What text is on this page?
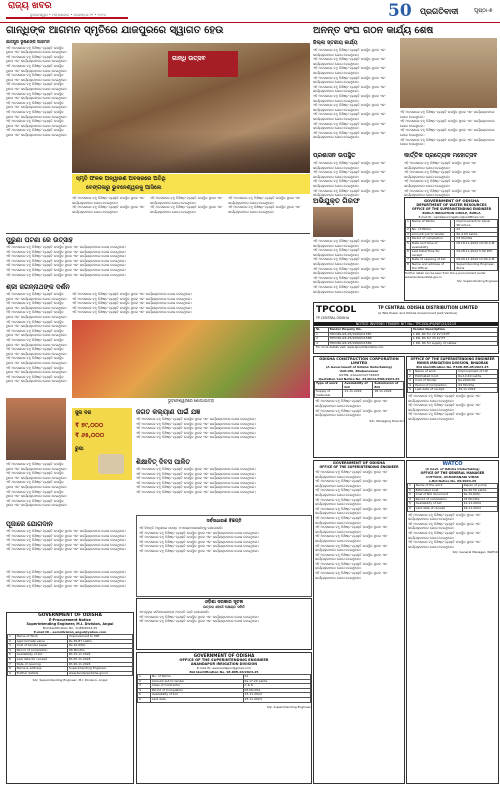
ରାଜ୍ୟ ଖବର
ଭୁବନେଶ୍ୱର • ମଙ୍ଗଳବାର • ନଭେମ୍ବର ୧୨ • ୨୦୨୪	50 ପ୍ରଗତିବାଦୀ	ପୃଷ୍ଠା-୭
ଗାନ୍ଧିଙ୍କ ଆଗମନ ସ୍ମୃତିରେ ଯାଜପୁରରେ ସ୍ୱାଗତ ହେଉ
ଯାଜପୁର ଭୂଷଣଙ୍କ ଆଗମନ
ଏହି ଅବସରରେ ବହୁ ବିଶିଷ୍ଟ ବ୍ୟକ୍ତି ଉପସ୍ଥିତ ଥିଲେ ଏବଂ କାର୍ଯ୍ୟକ୍ରମରେ ଯୋଗ ଦେଇଥିଲେ।
ଏହି ଅବସରରେ ବହୁ ବିଶିଷ୍ଟ ବ୍ୟକ୍ତି ଉପସ୍ଥିତ ଥିଲେ ଏବଂ କାର୍ଯ୍ୟକ୍ରମରେ ଯୋଗ ଦେଇଥିଲେ।
ଏହି ଅବସରରେ ବହୁ ବିଶିଷ୍ଟ ବ୍ୟକ୍ତି ଉପସ୍ଥିତ ଥିଲେ ଏବଂ କାର୍ଯ୍ୟକ୍ରମରେ ଯୋଗ ଦେଇଥିଲେ।
ଏହି ଅବସରରେ ବହୁ ବିଶିଷ୍ଟ ବ୍ୟକ୍ତି ଉପସ୍ଥିତ ଥିଲେ ଏବଂ କାର୍ଯ୍ୟକ୍ରମରେ ଯୋଗ ଦେଇଥିଲେ।
ଏହି ଅବସରରେ ବହୁ ବିଶିଷ୍ଟ ବ୍ୟକ୍ତି ଉପସ୍ଥିତ ଥିଲେ ଏବଂ କାର୍ଯ୍ୟକ୍ରମରେ ଯୋଗ ଦେଇଥିଲେ।
ଏହି ଅବସରରେ ବହୁ ବିଶିଷ୍ଟ ବ୍ୟକ୍ତି ଉପସ୍ଥିତ ଥିଲେ ଏବଂ କାର୍ଯ୍ୟକ୍ରମରେ ଯୋଗ ଦେଇଥିଲେ।
ଏହି ଅବସରରେ ବହୁ ବିଶିଷ୍ଟ ବ୍ୟକ୍ତି ଉପସ୍ଥିତ ଥିଲେ ଏବଂ କାର୍ଯ୍ୟକ୍ରମରେ ଯୋଗ ଦେଇଥିଲେ।
ଏହି ଅବସରରେ ବହୁ ବିଶିଷ୍ଟ ବ୍ୟକ୍ତି ଉପସ୍ଥିତ ଥିଲେ ଏବଂ କାର୍ଯ୍ୟକ୍ରମରେ ଯୋଗ ଦେଇଥିଲେ।
ଏହି ଅବସରରେ ବହୁ ବିଶିଷ୍ଟ ବ୍ୟକ୍ତି ଉପସ୍ଥିତ ଥିଲେ ଏବଂ କାର୍ଯ୍ୟକ୍ରମରେ ଯୋଗ ଦେଇଥିଲେ।
ଏହି ଅବସରରେ ବହୁ ବିଶିଷ୍ଟ ବ୍ୟକ୍ତି ଉପସ୍ଥିତ ଥିଲେ ଏବଂ କାର୍ଯ୍ୟକ୍ରମରେ ଯୋଗ ଦେଇଥିଲେ।
ଗାନ୍ଧି ଉତ୍ସବ
ସ୍ମୃତି ଫଳକ ଅନ୍ୱାରଣ ଅବସରରେ ଅତିଥି
ବେଙ୍ଗଳାରୁ ଭୁବନେଶ୍ୱରକୁ ଆସିଲେ
ଏହି ଅବସରରେ ବହୁ ବିଶିଷ୍ଟ ବ୍ୟକ୍ତି ଉପସ୍ଥିତ ଥିଲେ ଏବଂ କାର୍ଯ୍ୟକ୍ରମରେ ଯୋଗ ଦେଇଥିଲେ।
ଏହି ଅବସରରେ ବହୁ ବିଶିଷ୍ଟ ବ୍ୟକ୍ତି ଉପସ୍ଥିତ ଥିଲେ ଏବଂ କାର୍ଯ୍ୟକ୍ରମରେ ଯୋଗ ଦେଇଥିଲେ।
ଏହି ଅବସରରେ ବହୁ ବିଶିଷ୍ଟ ବ୍ୟକ୍ତି ଉପସ୍ଥିତ ଥିଲେ ଏବଂ କାର୍ଯ୍ୟକ୍ରମରେ ଯୋଗ ଦେଇଥିଲେ।
ଏହି ଅବସରରେ ବହୁ ବିଶିଷ୍ଟ ବ୍ୟକ୍ତି ଉପସ୍ଥିତ ଥିଲେ ଏବଂ କାର୍ଯ୍ୟକ୍ରମରେ ଯୋଗ ଦେଇଥିଲେ।
ଏହି ଅବସରରେ ବହୁ ବିଶିଷ୍ଟ ବ୍ୟକ୍ତି ଉପସ୍ଥିତ ଥିଲେ ଏବଂ କାର୍ଯ୍ୟକ୍ରମରେ ଯୋଗ ଦେଇଥିଲେ।
ଏହି ଅବସରରେ ବହୁ ବିଶିଷ୍ଟ ବ୍ୟକ୍ତି ଉପସ୍ଥିତ ଥିଲେ ଏବଂ କାର୍ଯ୍ୟକ୍ରମରେ ଯୋଗ ଦେଇଥିଲେ।
ପୁରୁଣା ଘଟଣା ରେ ଉତ୍ସାହ
ଏହି ଅବସରରେ ବହୁ ବିଶିଷ୍ଟ ବ୍ୟକ୍ତି ଉପସ୍ଥିତ ଥିଲେ ଏବଂ କାର୍ଯ୍ୟକ୍ରମରେ ଯୋଗ ଦେଇଥିଲେ।
ଏହି ଅବସରରେ ବହୁ ବିଶିଷ୍ଟ ବ୍ୟକ୍ତି ଉପସ୍ଥିତ ଥିଲେ ଏବଂ କାର୍ଯ୍ୟକ୍ରମରେ ଯୋଗ ଦେଇଥିଲେ।
ଏହି ଅବସରରେ ବହୁ ବିଶିଷ୍ଟ ବ୍ୟକ୍ତି ଉପସ୍ଥିତ ଥିଲେ ଏବଂ କାର୍ଯ୍ୟକ୍ରମରେ ଯୋଗ ଦେଇଥିଲେ।
ଏହି ଅବସରରେ ବହୁ ବିଶିଷ୍ଟ ବ୍ୟକ୍ତି ଉପସ୍ଥିତ ଥିଲେ ଏବଂ କାର୍ଯ୍ୟକ୍ରମରେ ଯୋଗ ଦେଇଥିଲେ।
ଏହି ଅବସରରେ ବହୁ ବିଶିଷ୍ଟ ବ୍ୟକ୍ତି ଉପସ୍ଥିତ ଥିଲେ ଏବଂ କାର୍ଯ୍ୟକ୍ରମରେ ଯୋଗ ଦେଇଥିଲେ।
ଏହି ଅବସରରେ ବହୁ ବିଶିଷ୍ଟ ବ୍ୟକ୍ତି ଉପସ୍ଥିତ ଥିଲେ ଏବଂ କାର୍ଯ୍ୟକ୍ରମରେ ଯୋଗ ଦେଇଥିଲେ।
ଏହି ଅବସରରେ ବହୁ ବିଶିଷ୍ଟ ବ୍ୟକ୍ତି ଉପସ୍ଥିତ ଥିଲେ ଏବଂ କାର୍ଯ୍ୟକ୍ରମରେ ଯୋଗ ଦେଇଥିଲେ।
ଶ୍ରୀ ଜଗନ୍ନାଥଙ୍କ ଦର୍ଶନ
ଏହି ଅବସରରେ ବହୁ ବିଶିଷ୍ଟ ବ୍ୟକ୍ତି ଉପସ୍ଥିତ ଥିଲେ ଏବଂ କାର୍ଯ୍ୟକ୍ରମରେ ଯୋଗ ଦେଇଥିଲେ।
ଏହି ଅବସରରେ ବହୁ ବିଶିଷ୍ଟ ବ୍ୟକ୍ତି ଉପସ୍ଥିତ ଥିଲେ ଏବଂ କାର୍ଯ୍ୟକ୍ରମରେ ଯୋଗ ଦେଇଥିଲେ।
ଏହି ଅବସରରେ ବହୁ ବିଶିଷ୍ଟ ବ୍ୟକ୍ତି ଉପସ୍ଥିତ ଥିଲେ ଏବଂ କାର୍ଯ୍ୟକ୍ରମରେ ଯୋଗ ଦେଇଥିଲେ।
ଏହି ଅବସରରେ ବହୁ ବିଶିଷ୍ଟ ବ୍ୟକ୍ତି ଉପସ୍ଥିତ ଥିଲେ ଏବଂ କାର୍ଯ୍ୟକ୍ରମରେ ଯୋଗ ଦେଇଥିଲେ।
ଏହି ଅବସରରେ ବହୁ ବିଶିଷ୍ଟ ବ୍ୟକ୍ତି ଉପସ୍ଥିତ ଥିଲେ ଏବଂ କାର୍ଯ୍ୟକ୍ରମରେ ଯୋଗ ଦେଇଥିଲେ।
ଏହି ଅବସରରେ ବହୁ ବିଶିଷ୍ଟ ବ୍ୟକ୍ତି ଉପସ୍ଥିତ ଥିଲେ ଏବଂ କାର୍ଯ୍ୟକ୍ରମରେ ଯୋଗ ଦେଇଥିଲେ।
ଏହି ଅବସରରେ ବହୁ ବିଶିଷ୍ଟ ବ୍ୟକ୍ତି ଉପସ୍ଥିତ ଥିଲେ ଏବଂ କାର୍ଯ୍ୟକ୍ରମରେ ଯୋଗ ଦେଇଥିଲେ।
ଏହି ଅବସରରେ ବହୁ ବିଶିଷ୍ଟ ବ୍ୟକ୍ତି ଉପସ୍ଥିତ ଥିଲେ ଏବଂ କାର୍ଯ୍ୟକ୍ରମରେ ଯୋଗ ଦେଇଥିଲେ।
ଏହି ଅବସରରେ ବହୁ ବିଶିଷ୍ଟ ବ୍ୟକ୍ତି ଉପସ୍ଥିତ ଥିଲେ ଏବଂ କାର୍ଯ୍ୟକ୍ରମରେ ଯୋଗ ଦେଇଥିଲେ।
ଏହି ଅବସରରେ ବହୁ ବିଶିଷ୍ଟ ବ୍ୟକ୍ତି ଉପସ୍ଥିତ ଥିଲେ ଏବଂ କାର୍ଯ୍ୟକ୍ରମରେ ଯୋଗ ଦେଇଥିଲେ।
ଏହି ଅବସରରେ ବହୁ ବିଶିଷ୍ଟ ବ୍ୟକ୍ତି ଉପସ୍ଥିତ ଥିଲେ ଏବଂ କାର୍ଯ୍ୟକ୍ରମରେ ଯୋଗ ଦେଇଥିଲେ।
ଏହି ଅବସରରେ ବହୁ ବିଶିଷ୍ଟ ବ୍ୟକ୍ତି ଉପସ୍ଥିତ ଥିଲେ ଏବଂ କାର୍ଯ୍ୟକ୍ରମରେ ଯୋଗ ଦେଇଥିଲେ।
ଏହି ଅବସରରେ ବହୁ ବିଶିଷ୍ଟ ବ୍ୟକ୍ତି ଉପସ୍ଥିତ ଥିଲେ ଏବଂ କାର୍ଯ୍ୟକ୍ରମରେ ଯୋଗ ଦେଇଥିଲେ।
ଏହି ଅବସରରେ ବହୁ ବିଶିଷ୍ଟ ବ୍ୟକ୍ତି ଉପସ୍ଥିତ ଥିଲେ ଏବଂ କାର୍ଯ୍ୟକ୍ରମରେ ଯୋଗ ଦେଇଥିଲେ।
ଏହି ଅବସରରେ ବହୁ ବିଶିଷ୍ଟ ବ୍ୟକ୍ତି ଉପସ୍ଥିତ ଥିଲେ ଏବଂ କାର୍ଯ୍ୟକ୍ରମରେ ଯୋଗ ଦେଇଥିଲେ।
ଭୁବନେଶ୍ୱରରେ ଶୋଭାଯାତ୍ରା
ସୁନା ଦର
₹ ୭୯,୦୦୦
₹ ୬୫,୦୦୦
ରୁପା
ଏହି ଅବସରରେ ବହୁ ବିଶିଷ୍ଟ ବ୍ୟକ୍ତି ଉପସ୍ଥିତ ଥିଲେ ଏବଂ କାର୍ଯ୍ୟକ୍ରମରେ ଯୋଗ ଦେଇଥିଲେ।
ଏହି ଅବସରରେ ବହୁ ବିଶିଷ୍ଟ ବ୍ୟକ୍ତି ଉପସ୍ଥିତ ଥିଲେ ଏବଂ କାର୍ଯ୍ୟକ୍ରମରେ ଯୋଗ ଦେଇଥିଲେ।
ଏହି ଅବସରରେ ବହୁ ବିଶିଷ୍ଟ ବ୍ୟକ୍ତି ଉପସ୍ଥିତ ଥିଲେ ଏବଂ କାର୍ଯ୍ୟକ୍ରମରେ ଯୋଗ ଦେଇଥିଲେ।
ଏହି ଅବସରରେ ବହୁ ବିଶିଷ୍ଟ ବ୍ୟକ୍ତି ଉପସ୍ଥିତ ଥିଲେ ଏବଂ କାର୍ଯ୍ୟକ୍ରମରେ ଯୋଗ ଦେଇଥିଲେ।
ଏହି ଅବସରରେ ବହୁ ବିଶିଷ୍ଟ ବ୍ୟକ୍ତି ଉପସ୍ଥିତ ଥିଲେ ଏବଂ କାର୍ଯ୍ୟକ୍ରମରେ ଯୋଗ ଦେଇଥିଲେ।
ଜଗତ କଲ୍ୟାଣ ପାଇଁ ଯଜ୍ଞ
ଏହି ଅବସରରେ ବହୁ ବିଶିଷ୍ଟ ବ୍ୟକ୍ତି ଉପସ୍ଥିତ ଥିଲେ ଏବଂ କାର୍ଯ୍ୟକ୍ରମରେ ଯୋଗ ଦେଇଥିଲେ।
ଏହି ଅବସରରେ ବହୁ ବିଶିଷ୍ଟ ବ୍ୟକ୍ତି ଉପସ୍ଥିତ ଥିଲେ ଏବଂ କାର୍ଯ୍ୟକ୍ରମରେ ଯୋଗ ଦେଇଥିଲେ।
ଏହି ଅବସରରେ ବହୁ ବିଶିଷ୍ଟ ବ୍ୟକ୍ତି ଉପସ୍ଥିତ ଥିଲେ ଏବଂ କାର୍ଯ୍ୟକ୍ରମରେ ଯୋଗ ଦେଇଥିଲେ।
ଏହି ଅବସରରେ ବହୁ ବିଶିଷ୍ଟ ବ୍ୟକ୍ତି ଉପସ୍ଥିତ ଥିଲେ ଏବଂ କାର୍ଯ୍ୟକ୍ରମରେ ଯୋଗ ଦେଇଥିଲେ।
ଏହି ଅବସରରେ ବହୁ ବିଶିଷ୍ଟ ବ୍ୟକ୍ତି ଉପସ୍ଥିତ ଥିଲେ ଏବଂ କାର୍ଯ୍ୟକ୍ରମରେ ଯୋଗ ଦେଇଥିଲେ।
ଶିକ୍ଷାବିତ୍ ଦିବସ ପାଳିତ
ଏହି ଅବସରରେ ବହୁ ବିଶିଷ୍ଟ ବ୍ୟକ୍ତି ଉପସ୍ଥିତ ଥିଲେ ଏବଂ କାର୍ଯ୍ୟକ୍ରମରେ ଯୋଗ ଦେଇଥିଲେ।
ଏହି ଅବସରରେ ବହୁ ବିଶିଷ୍ଟ ବ୍ୟକ୍ତି ଉପସ୍ଥିତ ଥିଲେ ଏବଂ କାର୍ଯ୍ୟକ୍ରମରେ ଯୋଗ ଦେଇଥିଲେ।
ଏହି ଅବସରରେ ବହୁ ବିଶିଷ୍ଟ ବ୍ୟକ୍ତି ଉପସ୍ଥିତ ଥିଲେ ଏବଂ କାର୍ଯ୍ୟକ୍ରମରେ ଯୋଗ ଦେଇଥିଲେ।
ଏହି ଅବସରରେ ବହୁ ବିଶିଷ୍ଟ ବ୍ୟକ୍ତି ଉପସ୍ଥିତ ଥିଲେ ଏବଂ କାର୍ଯ୍ୟକ୍ରମରେ ଯୋଗ ଦେଇଥିଲେ।
ଏହି ଅବସରରେ ବହୁ ବିଶିଷ୍ଟ ବ୍ୟକ୍ତି ଉପସ୍ଥିତ ଥିଲେ ଏବଂ କାର୍ଯ୍ୟକ୍ରମରେ ଯୋଗ ଦେଇଥିଲେ।
ଏହି ଅବସରରେ ବହୁ ବିଶିଷ୍ଟ ବ୍ୟକ୍ତି ଉପସ୍ଥିତ ଥିଲେ ଏବଂ କାର୍ଯ୍ୟକ୍ରମରେ ଯୋଗ ଦେଇଥିଲେ।
ପୂଜାରେ ଯୋଗଦାନ
ଏହି ଅବସରରେ ବହୁ ବିଶିଷ୍ଟ ବ୍ୟକ୍ତି ଉପସ୍ଥିତ ଥିଲେ ଏବଂ କାର୍ଯ୍ୟକ୍ରମରେ ଯୋଗ ଦେଇଥିଲେ।
ଏହି ଅବସରରେ ବହୁ ବିଶିଷ୍ଟ ବ୍ୟକ୍ତି ଉପସ୍ଥିତ ଥିଲେ ଏବଂ କାର୍ଯ୍ୟକ୍ରମରେ ଯୋଗ ଦେଇଥିଲେ।
ଏହି ଅବସରରେ ବହୁ ବିଶିଷ୍ଟ ବ୍ୟକ୍ତି ଉପସ୍ଥିତ ଥିଲେ ଏବଂ କାର୍ଯ୍ୟକ୍ରମରେ ଯୋଗ ଦେଇଥିଲେ।
ଏହି ଅବସରରେ ବହୁ ବିଶିଷ୍ଟ ବ୍ୟକ୍ତି ଉପସ୍ଥିତ ଥିଲେ ଏବଂ କାର୍ଯ୍ୟକ୍ରମରେ ଯୋଗ ଦେଇଥିଲେ।
ଏହି ଅବସରରେ ବହୁ ବିଶିଷ୍ଟ ବ୍ୟକ୍ତି ଉପସ୍ଥିତ ଥିଲେ ଏବଂ କାର୍ଯ୍ୟକ୍ରମରେ ଯୋଗ ଦେଇଥିଲେ।
ଅନନ୍ତ ସଂଘ ଗଠନ କାର୍ଯ୍ୟ ଶେଷ
ଜିଲ୍ଲା ସ୍ତରୀୟ କାର୍ଯ୍ୟ
ଏହି ଅବସରରେ ବହୁ ବିଶିଷ୍ଟ ବ୍ୟକ୍ତି ଉପସ୍ଥିତ ଥିଲେ ଏବଂ କାର୍ଯ୍ୟକ୍ରମରେ ଯୋଗ ଦେଇଥିଲେ।
ଏହି ଅବସରରେ ବହୁ ବିଶିଷ୍ଟ ବ୍ୟକ୍ତି ଉପସ୍ଥିତ ଥିଲେ ଏବଂ କାର୍ଯ୍ୟକ୍ରମରେ ଯୋଗ ଦେଇଥିଲେ।
ଏହି ଅବସରରେ ବହୁ ବିଶିଷ୍ଟ ବ୍ୟକ୍ତି ଉପସ୍ଥିତ ଥିଲେ ଏବଂ କାର୍ଯ୍ୟକ୍ରମରେ ଯୋଗ ଦେଇଥିଲେ।
ଏହି ଅବସରରେ ବହୁ ବିଶିଷ୍ଟ ବ୍ୟକ୍ତି ଉପସ୍ଥିତ ଥିଲେ ଏବଂ କାର୍ଯ୍ୟକ୍ରମରେ ଯୋଗ ଦେଇଥିଲେ।
ଏହି ଅବସରରେ ବହୁ ବିଶିଷ୍ଟ ବ୍ୟକ୍ତି ଉପସ୍ଥିତ ଥିଲେ ଏବଂ କାର୍ଯ୍ୟକ୍ରମରେ ଯୋଗ ଦେଇଥିଲେ।
ଏହି ଅବସରରେ ବହୁ ବିଶିଷ୍ଟ ବ୍ୟକ୍ତି ଉପସ୍ଥିତ ଥିଲେ ଏବଂ କାର୍ଯ୍ୟକ୍ରମରେ ଯୋଗ ଦେଇଥିଲେ।
ଏହି ଅବସରରେ ବହୁ ବିଶିଷ୍ଟ ବ୍ୟକ୍ତି ଉପସ୍ଥିତ ଥିଲେ ଏବଂ କାର୍ଯ୍ୟକ୍ରମରେ ଯୋଗ ଦେଇଥିଲେ।
ଏହି ଅବସରରେ ବହୁ ବିଶିଷ୍ଟ ବ୍ୟକ୍ତି ଉପସ୍ଥିତ ଥିଲେ ଏବଂ କାର୍ଯ୍ୟକ୍ରମରେ ଯୋଗ ଦେଇଥିଲେ।
ଏହି ଅବସରରେ ବହୁ ବିଶିଷ୍ଟ ବ୍ୟକ୍ତି ଉପସ୍ଥିତ ଥିଲେ ଏବଂ କାର୍ଯ୍ୟକ୍ରମରେ ଯୋଗ ଦେଇଥିଲେ।
ଏହି ଅବସରରେ ବହୁ ବିଶିଷ୍ଟ ବ୍ୟକ୍ତି ଉପସ୍ଥିତ ଥିଲେ ଏବଂ କାର୍ଯ୍ୟକ୍ରମରେ ଯୋଗ ଦେଇଥିଲେ।
ଏହି ଅବସରରେ ବହୁ ବିଶିଷ୍ଟ ବ୍ୟକ୍ତି ଉପସ୍ଥିତ ଥିଲେ ଏବଂ କାର୍ଯ୍ୟକ୍ରମରେ ଯୋଗ ଦେଇଥିଲେ।
ଏହି ଅବସରରେ ବହୁ ବିଶିଷ୍ଟ ବ୍ୟକ୍ତି ଉପସ୍ଥିତ ଥିଲେ ଏବଂ କାର୍ଯ୍ୟକ୍ରମରେ ଯୋଗ ଦେଇଥିଲେ।
ଏହି ଅବସରରେ ବହୁ ବିଶିଷ୍ଟ ବ୍ୟକ୍ତି ଉପସ୍ଥିତ ଥିଲେ ଏବଂ କାର୍ଯ୍ୟକ୍ରମରେ ଯୋଗ ଦେଇଥିଲେ।
ଏହି ଅବସରରେ ବହୁ ବିଶିଷ୍ଟ ବ୍ୟକ୍ତି ଉପସ୍ଥିତ ଥିଲେ ଏବଂ କାର୍ଯ୍ୟକ୍ରମରେ ଯୋଗ ଦେଇଥିଲେ।
ପ୍ରଶାସନ ଉପସ୍ଥିତ	କାର୍ତ୍ତିକ ପ୍ରତ୍ୟେକ ମହୋତ୍ସବ
ଏହି ଅବସରରେ ବହୁ ବିଶିଷ୍ଟ ବ୍ୟକ୍ତି ଉପସ୍ଥିତ ଥିଲେ ଏବଂ କାର୍ଯ୍ୟକ୍ରମରେ ଯୋଗ ଦେଇଥିଲେ।
ଏହି ଅବସରରେ ବହୁ ବିଶିଷ୍ଟ ବ୍ୟକ୍ତି ଉପସ୍ଥିତ ଥିଲେ ଏବଂ କାର୍ଯ୍ୟକ୍ରମରେ ଯୋଗ ଦେଇଥିଲେ।
ଏହି ଅବସରରେ ବହୁ ବିଶିଷ୍ଟ ବ୍ୟକ୍ତି ଉପସ୍ଥିତ ଥିଲେ ଏବଂ କାର୍ଯ୍ୟକ୍ରମରେ ଯୋଗ ଦେଇଥିଲେ।
ଏହି ଅବସରରେ ବହୁ ବିଶିଷ୍ଟ ବ୍ୟକ୍ତି ଉପସ୍ଥିତ ଥିଲେ ଏବଂ କାର୍ଯ୍ୟକ୍ରମରେ ଯୋଗ ଦେଇଥିଲେ।
ଏହି ଅବସରରେ ବହୁ ବିଶିଷ୍ଟ ବ୍ୟକ୍ତି ଉପସ୍ଥିତ ଥିଲେ ଏବଂ କାର୍ଯ୍ୟକ୍ରମରେ ଯୋଗ ଦେଇଥିଲେ।
ଏହି ଅବସରରେ ବହୁ ବିଶିଷ୍ଟ ବ୍ୟକ୍ତି ଉପସ୍ଥିତ ଥିଲେ ଏବଂ କାର୍ଯ୍ୟକ୍ରମରେ ଯୋଗ ଦେଇଥିଲେ।
ଏହି ଅବସରରେ ବହୁ ବିଶିଷ୍ଟ ବ୍ୟକ୍ତି ଉପସ୍ଥିତ ଥିଲେ ଏବଂ କାର୍ଯ୍ୟକ୍ରମରେ ଯୋଗ ଦେଇଥିଲେ।
ଏହି ଅବସରରେ ବହୁ ବିଶିଷ୍ଟ ବ୍ୟକ୍ତି ଉପସ୍ଥିତ ଥିଲେ ଏବଂ କାର୍ଯ୍ୟକ୍ରମରେ ଯୋଗ ଦେଇଥିଲେ।
ଅଭିଯୁକ୍ତ ଗିରଫ
ଏହି ଅବସରରେ ବହୁ ବିଶିଷ୍ଟ ବ୍ୟକ୍ତି ଉପସ୍ଥିତ ଥିଲେ ଏବଂ କାର୍ଯ୍ୟକ୍ରମରେ ଯୋଗ ଦେଇଥିଲେ।
ଏହି ଅବସରରେ ବହୁ ବିଶିଷ୍ଟ ବ୍ୟକ୍ତି ଉପସ୍ଥିତ ଥିଲେ ଏବଂ କାର୍ଯ୍ୟକ୍ରମରେ ଯୋଗ ଦେଇଥିଲେ।
ଏହି ଅବସରରେ ବହୁ ବିଶିଷ୍ଟ ବ୍ୟକ୍ତି ଉପସ୍ଥିତ ଥିଲେ ଏବଂ କାର୍ଯ୍ୟକ୍ରମରେ ଯୋଗ ଦେଇଥିଲେ।
ଏହି ଅବସରରେ ବହୁ ବିଶିଷ୍ଟ ବ୍ୟକ୍ତି ଉପସ୍ଥିତ ଥିଲେ ଏବଂ କାର୍ଯ୍ୟକ୍ରମରେ ଯୋଗ ଦେଇଥିଲେ।
ଏହି ଅବସରରେ ବହୁ ବିଶିଷ୍ଟ ବ୍ୟକ୍ତି ଉପସ୍ଥିତ ଥିଲେ ଏବଂ କାର୍ଯ୍ୟକ୍ରମରେ ଯୋଗ ଦେଇଥିଲେ।
ଏହି ଅବସରରେ ବହୁ ବିଶିଷ୍ଟ ବ୍ୟକ୍ତି ଉପସ୍ଥିତ ଥିଲେ ଏବଂ କାର୍ଯ୍ୟକ୍ରମରେ ଯୋଗ ଦେଇଥିଲେ।
GOVERNMENT OF ODISHA
DEPARTMENT OF WATER RESOURCES
OFFICE OF THE SUPERINTENDING ENGINEER
BURLA IRRIGATION CIRCLE, BURLA
E-mail ID : sambalpurirrigation@rediffmail.com
1	Name of Works	:	Improvement to Canal Structure
2	No. of Works	:	01
3	Amount put to tender	:	Rs.4.09 Lakhs
4	Period of completion	:	03 Months
5	Date and time of availability	:	Dt.18.11.2024 10:30 A.M.
6	Last Date/Time for receipt	:	Dt.28.11.2024 5:00 P.M.
7	Date of opening of bid	:	Dt.29.11.2024 11:00 A.M.
8	Name and address of the Officer	:	Superintending Engineer, Burla
Further detail can be seen from the e-procurement portal www.tendersodisha.gov.in
Sd/- Superintending Engineer
TPCODL
TP CENTRAL ODISHA
TP CENTRAL ODISHA DISTRIBUTION LIMITED
(A Tata Power and Odisha Government Joint Venture)
NOTICE INVITING TENDER NIT No.: TPCODL/PS/NIT/24/2115
Sl.	Tender Enquiry No.	Tender Description
1	TPCODL/24-25/1000011587	1 P.R. RC for 12 kV CT-PT
2	TPCODL/24-25/1000011588	1 P.R. RC for 33 kV PT
3	TPCODL/24-25/1000011589	1 P.R. RC for supply of cables
For more details visit: www.tpcentralodisha.com
ସର୍ବସାଧାରଣ ବିଜ୍ଞପ୍ତି
ଏହି ବିଜ୍ଞପ୍ତି ଅନୁସାରେ ସମସ୍ତ ଅଂଶଗ୍ରହଣକାରୀଙ୍କୁ ଜଣାଯାଉଛି।
ଏହି ଅବସରରେ ବହୁ ବିଶିଷ୍ଟ ବ୍ୟକ୍ତି ଉପସ୍ଥିତ ଥିଲେ ଏବଂ କାର୍ଯ୍ୟକ୍ରମରେ ଯୋଗ ଦେଇଥିଲେ।
ଏହି ଅବସରରେ ବହୁ ବିଶିଷ୍ଟ ବ୍ୟକ୍ତି ଉପସ୍ଥିତ ଥିଲେ ଏବଂ କାର୍ଯ୍ୟକ୍ରମରେ ଯୋଗ ଦେଇଥିଲେ।
ଏହି ଅବସରରେ ବହୁ ବିଶିଷ୍ଟ ବ୍ୟକ୍ତି ଉପସ୍ଥିତ ଥିଲେ ଏବଂ କାର୍ଯ୍ୟକ୍ରମରେ ଯୋଗ ଦେଇଥିଲେ।
ଏହି ଅବସରରେ ବହୁ ବିଶିଷ୍ଟ ବ୍ୟକ୍ତି ଉପସ୍ଥିତ ଥିଲେ ଏବଂ କାର୍ଯ୍ୟକ୍ରମରେ ଯୋଗ ଦେଇଥିଲେ।
ଏହି ଅବସରରେ ବହୁ ବିଶିଷ୍ଟ ବ୍ୟକ୍ତି ଉପସ୍ଥିତ ଥିଲେ ଏବଂ କାର୍ଯ୍ୟକ୍ରମରେ ଯୋଗ ଦେଇଥିଲେ।
ଏହି ଅବସରରେ ବହୁ ବିଶିଷ୍ଟ ବ୍ୟକ୍ତି ଉପସ୍ଥିତ ଥିଲେ ଏବଂ କାର୍ଯ୍ୟକ୍ରମରେ ଯୋଗ ଦେଇଥିଲେ।
ଏହି ଅବସରରେ ବହୁ ବିଶିଷ୍ଟ ବ୍ୟକ୍ତି ଉପସ୍ଥିତ ଥିଲେ ଏବଂ କାର୍ଯ୍ୟକ୍ରମରେ ଯୋଗ ଦେଇଥିଲେ।
ଏହି ଅବସରରେ ବହୁ ବିଶିଷ୍ଟ ବ୍ୟକ୍ତି ଉପସ୍ଥିତ ଥିଲେ ଏବଂ କାର୍ଯ୍ୟକ୍ରମରେ ଯୋଗ ଦେଇଥିଲେ।
ଏହି ଅବସରରେ ବହୁ ବିଶିଷ୍ଟ ବ୍ୟକ୍ତି ଉପସ୍ଥିତ ଥିଲେ ଏବଂ କାର୍ଯ୍ୟକ୍ରମରେ ଯୋଗ ଦେଇଥିଲେ।
GOVERNMENT OF ODISHA
E-Procurement Notice
Superintending Engineer, M.I. Division, Angul
Bid Identification No. 11/EP/2024-25
E-mail ID - eemidivision_angul@yahoo.com
1	Name of Work	Improvement to MIP
2	Approximate value	Rs.39.87 Lakhs
3	Cost of tender paper	Rs.10,000/-
4	Period of completion	06 Months
5	Availability of bid	Dt.15.11.2024
6	Last date for receipt	Dt.25.11.2024
7	Date of opening	Dt.26.11.2024
8	Name & address	Superintending Engineer
9	Further details	www.tendersodisha.gov.in
Sd/- Superintending Engineer, M.I. Division, Angul
ଓଡ଼ିଶା ସରକାର ସୂଚନା
ଉତ୍ତର ଶହରୀ ପଞ୍ଚାୟତ ସମିତି
ଏତଦ୍ୱାରା ସର୍ବସାଧାରଣଙ୍କ ଅବଗତି ପାଇଁ ଜଣାଯାଉଛି।
ଏହି ଅବସରରେ ବହୁ ବିଶିଷ୍ଟ ବ୍ୟକ୍ତି ଉପସ୍ଥିତ ଥିଲେ ଏବଂ କାର୍ଯ୍ୟକ୍ରମରେ ଯୋଗ ଦେଇଥିଲେ।
ଏହି ଅବସରରେ ବହୁ ବିଶିଷ୍ଟ ବ୍ୟକ୍ତି ଉପସ୍ଥିତ ଥିଲେ ଏବଂ କାର୍ଯ୍ୟକ୍ରମରେ ଯୋଗ ଦେଇଥିଲେ।
GOVERNMENT OF ODISHA
OFFICE OF THE SUPERINTENDING ENGINEER
ANANDAPUR IRRIGATION DIVISION
E-mail ID: eeanandapur@gmail.com
Bid Identification No. SE-KMI-04/2024-25
1	No. of Works	01
2	Amount put to tender	Rs.17.20 Lakhs
3	Class of Contractor	C & D
4	Period of Completion	06 Months
5	Availability of bid	15.11.2024
6	Last date	25.11.2024
Sd/- Superintending Engineer
ODISHA CONSTRUCTION CORPORATION LIMITED
(A Government of Odisha Undertaking)
Unit-VIII, Bhubaneswar
GSTIN: 21AAACO2774Z2M
Quotation Call Notice No. 01/OCCL/PUR/2024-25
Type of work	Availability of bid	Submission of Bid
Supply of materials	11.11.2024	18.11.2024
ଏହି ଅବସରରେ ବହୁ ବିଶିଷ୍ଟ ବ୍ୟକ୍ତି ଉପସ୍ଥିତ ଥିଲେ ଏବଂ କାର୍ଯ୍ୟକ୍ରମରେ ଯୋଗ ଦେଇଥିଲେ।
ଏହି ଅବସରରେ ବହୁ ବିଶିଷ୍ଟ ବ୍ୟକ୍ତି ଉପସ୍ଥିତ ଥିଲେ ଏବଂ କାର୍ଯ୍ୟକ୍ରମରେ ଯୋଗ ଦେଇଥିଲେ।
Sd/- Managing Director
OFFICE OF THE SUPERINTENDING ENGINEER
MINOR IRRIGATION DIVISION, BHADRAK
Bid Identification No. ET-MI-BH-05/2024-25
1	Name of work	Improvement of LIP
2	Estimated Cost	Rs.12.40 Lakhs
3	Cost of Tender	Rs.2000.00
4	Period of Completion	04 Months
5	Last date of receipt	29.11.2024
ଏହି ଅବସରରେ ବହୁ ବିଶିଷ୍ଟ ବ୍ୟକ୍ତି ଉପସ୍ଥିତ ଥିଲେ ଏବଂ କାର୍ଯ୍ୟକ୍ରମରେ ଯୋଗ ଦେଇଥିଲେ।
ଏହି ଅବସରରେ ବହୁ ବିଶିଷ୍ଟ ବ୍ୟକ୍ତି ଉପସ୍ଥିତ ଥିଲେ ଏବଂ କାର୍ଯ୍ୟକ୍ରମରେ ଯୋଗ ଦେଇଥିଲେ।
ଏହି ଅବସରରେ ବହୁ ବିଶିଷ୍ଟ ବ୍ୟକ୍ତି ଉପସ୍ଥିତ ଥିଲେ ଏବଂ କାର୍ଯ୍ୟକ୍ରମରେ ଯୋଗ ଦେଇଥିଲେ।
GOVERNMENT OF ODISHA
OFFICE OF THE SUPERINTENDING ENGINEER
ଏହି ଅବସରରେ ବହୁ ବିଶିଷ୍ଟ ବ୍ୟକ୍ତି ଉପସ୍ଥିତ ଥିଲେ ଏବଂ କାର୍ଯ୍ୟକ୍ରମରେ ଯୋଗ ଦେଇଥିଲେ।
ଏହି ଅବସରରେ ବହୁ ବିଶିଷ୍ଟ ବ୍ୟକ୍ତି ଉପସ୍ଥିତ ଥିଲେ ଏବଂ କାର୍ଯ୍ୟକ୍ରମରେ ଯୋଗ ଦେଇଥିଲେ।
ଏହି ଅବସରରେ ବହୁ ବିଶିଷ୍ଟ ବ୍ୟକ୍ତି ଉପସ୍ଥିତ ଥିଲେ ଏବଂ କାର୍ଯ୍ୟକ୍ରମରେ ଯୋଗ ଦେଇଥିଲେ।
ଏହି ଅବସରରେ ବହୁ ବିଶିଷ୍ଟ ବ୍ୟକ୍ତି ଉପସ୍ଥିତ ଥିଲେ ଏବଂ କାର୍ଯ୍ୟକ୍ରମରେ ଯୋଗ ଦେଇଥିଲେ।
ଏହି ଅବସରରେ ବହୁ ବିଶିଷ୍ଟ ବ୍ୟକ୍ତି ଉପସ୍ଥିତ ଥିଲେ ଏବଂ କାର୍ଯ୍ୟକ୍ରମରେ ଯୋଗ ଦେଇଥିଲେ।
ଏହି ଅବସରରେ ବହୁ ବିଶିଷ୍ଟ ବ୍ୟକ୍ତି ଉପସ୍ଥିତ ଥିଲେ ଏବଂ କାର୍ଯ୍ୟକ୍ରମରେ ଯୋଗ ଦେଇଥିଲେ।
ଏହି ଅବସରରେ ବହୁ ବିଶିଷ୍ଟ ବ୍ୟକ୍ତି ଉପସ୍ଥିତ ଥିଲେ ଏବଂ କାର୍ଯ୍ୟକ୍ରମରେ ଯୋଗ ଦେଇଥିଲେ।
ଏହି ଅବସରରେ ବହୁ ବିଶିଷ୍ଟ ବ୍ୟକ୍ତି ଉପସ୍ଥିତ ଥିଲେ ଏବଂ କାର୍ଯ୍ୟକ୍ରମରେ ଯୋଗ ଦେଇଥିଲେ।
ଏହି ଅବସରରେ ବହୁ ବିଶିଷ୍ଟ ବ୍ୟକ୍ତି ଉପସ୍ଥିତ ଥିଲେ ଏବଂ କାର୍ଯ୍ୟକ୍ରମରେ ଯୋଗ ଦେଇଥିଲେ।
ଏହି ଅବସରରେ ବହୁ ବିଶିଷ୍ଟ ବ୍ୟକ୍ତି ଉପସ୍ଥିତ ଥିଲେ ଏବଂ କାର୍ଯ୍ୟକ୍ରମରେ ଯୋଗ ଦେଇଥିଲେ।
ଏହି ଅବସରରେ ବହୁ ବିଶିଷ୍ଟ ବ୍ୟକ୍ତି ଉପସ୍ଥିତ ଥିଲେ ଏବଂ କାର୍ଯ୍ୟକ୍ରମରେ ଯୋଗ ଦେଇଥିଲେ।
ଏହି ଅବସରରେ ବହୁ ବିଶିଷ୍ଟ ବ୍ୟକ୍ତି ଉପସ୍ଥିତ ଥିଲେ ଏବଂ କାର୍ଯ୍ୟକ୍ରମରେ ଯୋଗ ଦେଇଥିଲେ।
WATCO
(A Govt. of Odisha Undertaking)
OFFICE OF THE GENERAL MANAGER
CUTTACK, AT-MAHANADI VIHAR
e-Bid Notice No. 05/2024-25
1	Name of the work	Repair of pump
2	Estimated Cost	Rs.49.56 Lakhs
3	Cost of Bid document	Rs.10,000/-
4	Period of completion	03 Months
5	Availability of bid	12.11.2024
6	Last date of receipt	26.11.2024
ଏହି ଅବସରରେ ବହୁ ବିଶିଷ୍ଟ ବ୍ୟକ୍ତି ଉପସ୍ଥିତ ଥିଲେ ଏବଂ କାର୍ଯ୍ୟକ୍ରମରେ ଯୋଗ ଦେଇଥିଲେ।
ଏହି ଅବସରରେ ବହୁ ବିଶିଷ୍ଟ ବ୍ୟକ୍ତି ଉପସ୍ଥିତ ଥିଲେ ଏବଂ କାର୍ଯ୍ୟକ୍ରମରେ ଯୋଗ ଦେଇଥିଲେ।
ଏହି ଅବସରରେ ବହୁ ବିଶିଷ୍ଟ ବ୍ୟକ୍ତି ଉପସ୍ଥିତ ଥିଲେ ଏବଂ କାର୍ଯ୍ୟକ୍ରମରେ ଯୋଗ ଦେଇଥିଲେ।
ଏହି ଅବସରରେ ବହୁ ବିଶିଷ୍ଟ ବ୍ୟକ୍ତି ଉପସ୍ଥିତ ଥିଲେ ଏବଂ କାର୍ଯ୍ୟକ୍ରମରେ ଯୋଗ ଦେଇଥିଲେ।
Sd/- General Manager, WATCO
